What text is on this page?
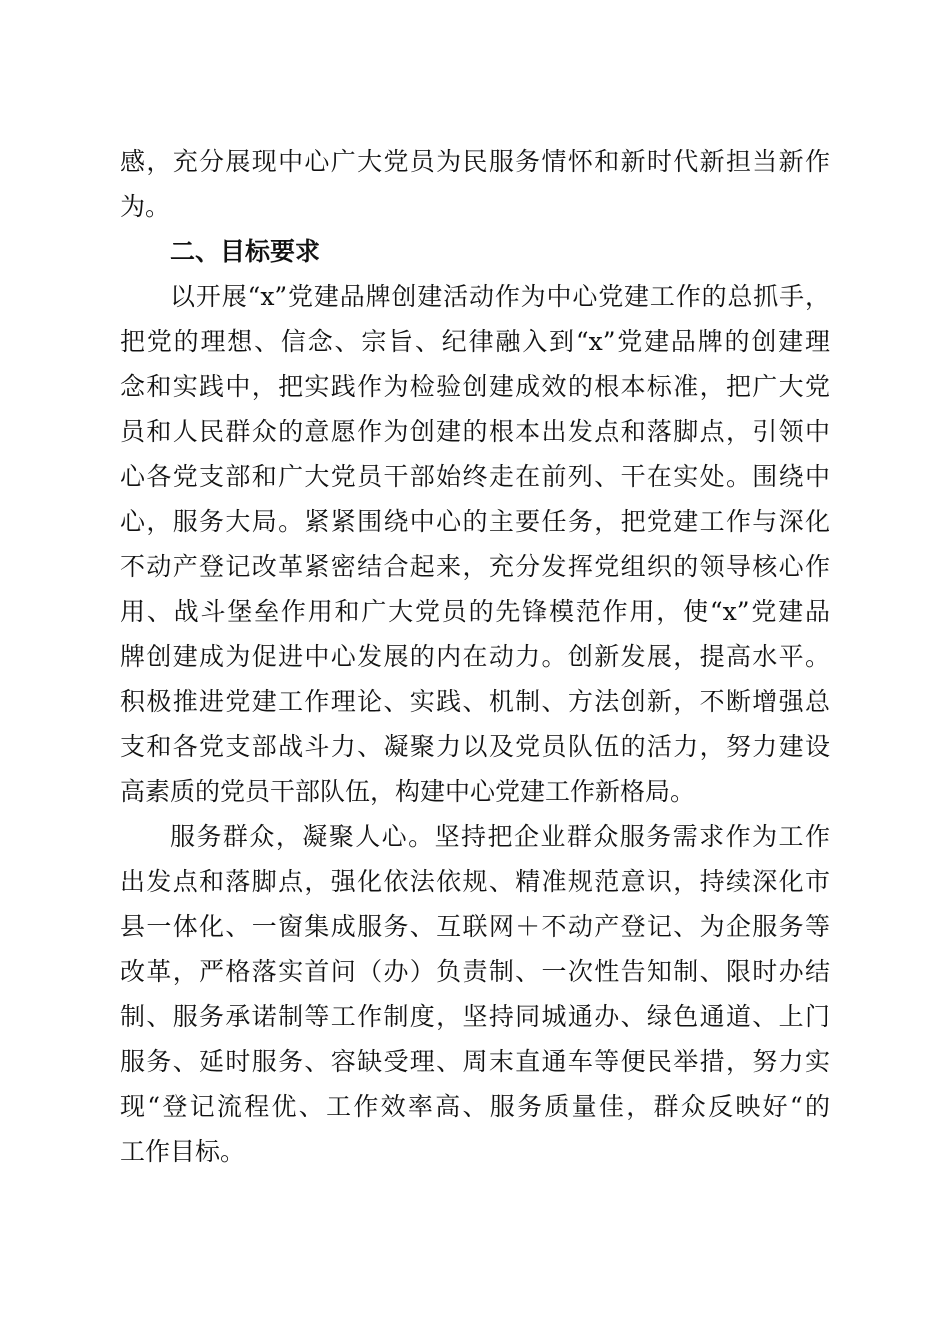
感，充分展现中心广大党员为民服务情怀和新时代新担当新作
为。
二、目标要求
以开展“x”党建品牌创建活动作为中心党建工作的总抓手，
把党的理想、信念、宗旨、纪律融入到“x”党建品牌的创建理
念和实践中，把实践作为检验创建成效的根本标准，把广大党
员和人民群众的意愿作为创建的根本出发点和落脚点，引领中
心各党支部和广大党员干部始终走在前列、干在实处。围绕中
心，服务大局。紧紧围绕中心的主要任务，把党建工作与深化
不动产登记改革紧密结合起来，充分发挥党组织的领导核心作
用、战斗堡垒作用和广大党员的先锋模范作用，使“x”党建品
牌创建成为促进中心发展的内在动力。创新发展，提高水平。
积极推进党建工作理论、实践、机制、方法创新，不断增强总
支和各党支部战斗力、凝聚力以及党员队伍的活力，努力建设
高素质的党员干部队伍，构建中心党建工作新格局。
服务群众，凝聚人心。坚持把企业群众服务需求作为工作
出发点和落脚点，强化依法依规、精准规范意识，持续深化市
县一体化、一窗集成服务、互联网＋不动产登记、为企服务等
改革，严格落实首问（办）负责制、一次性告知制、限时办结
制、服务承诺制等工作制度，坚持同城通办、绿色通道、上门
服务、延时服务、容缺受理、周末直通车等便民举措，努力实
现“登记流程优、工作效率高、服务质量佳，群众反映好“的
工作目标。
